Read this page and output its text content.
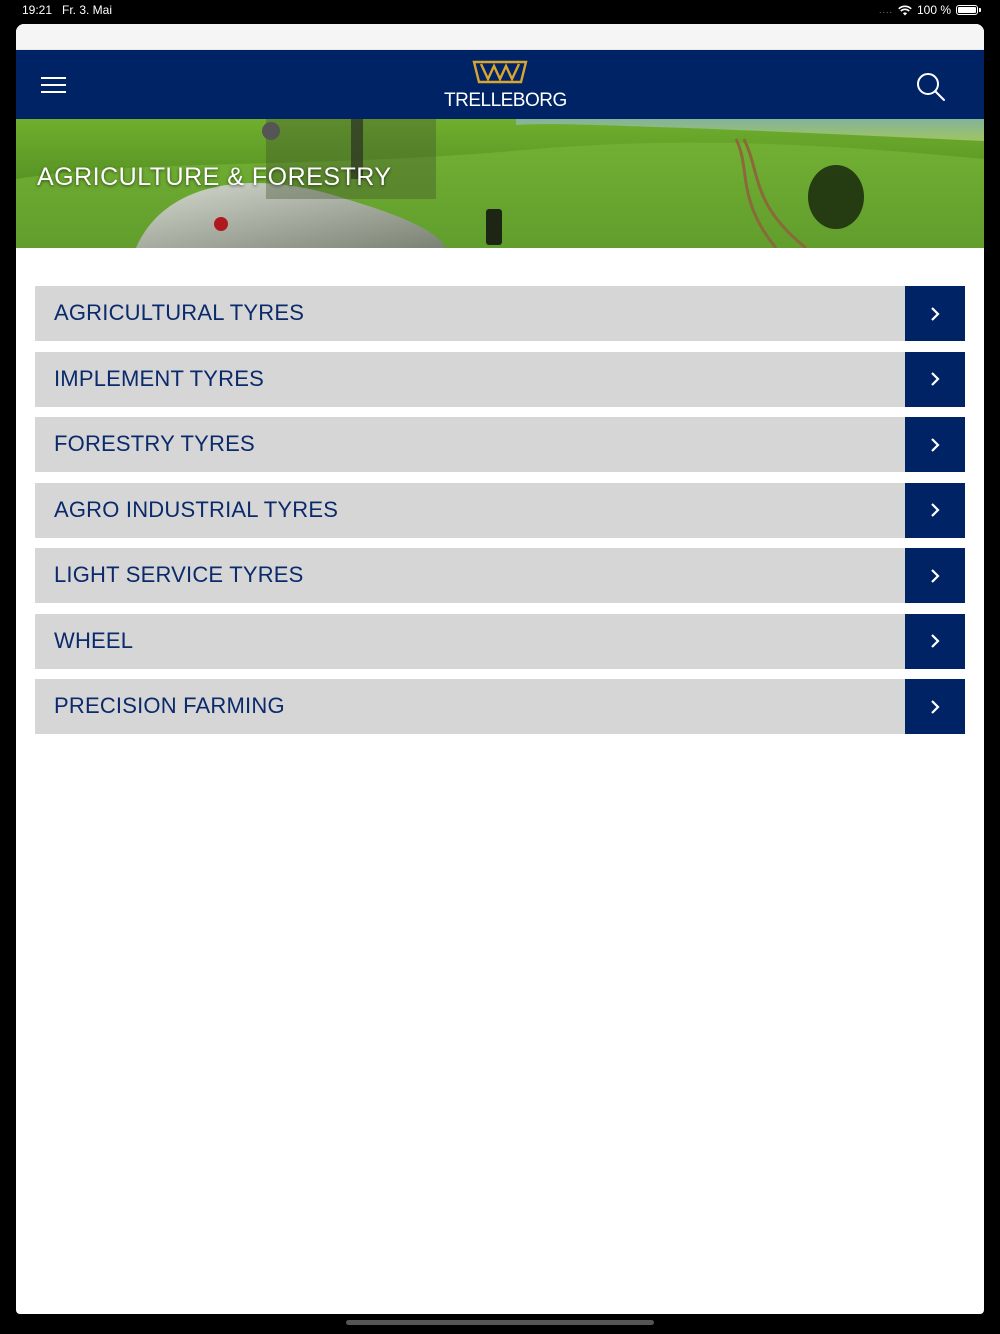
19:21 Fr. 3. Mai	.... 100 %
TRELLEBORG
AGRICULTURE & FORESTRY
AGRICULTURAL TYRES
IMPLEMENT TYRES
FORESTRY TYRES
AGRO INDUSTRIAL TYRES
LIGHT SERVICE TYRES
WHEEL
PRECISION FARMING
